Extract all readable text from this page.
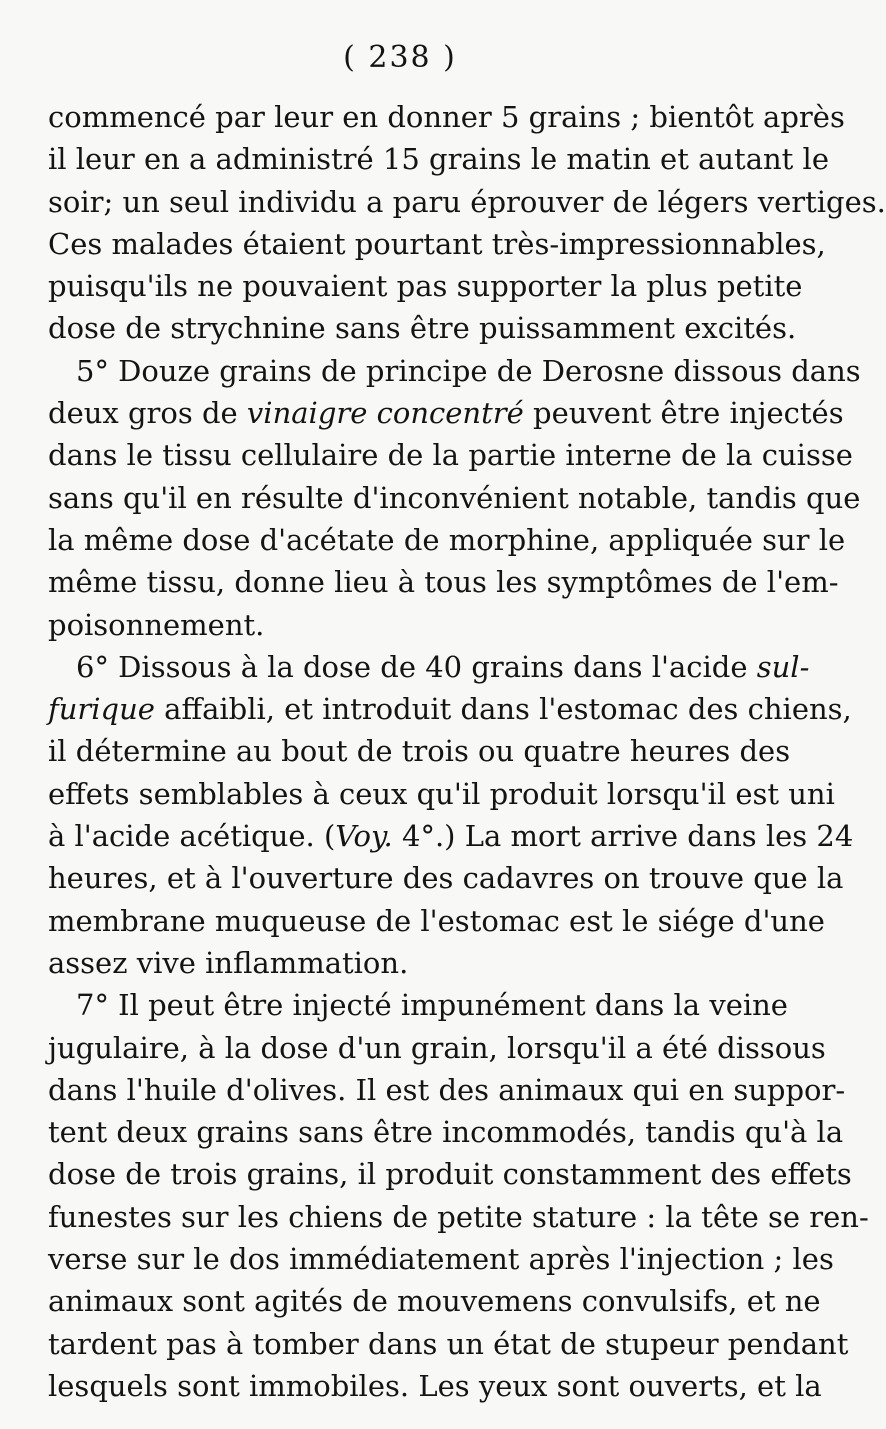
( 238 )
commencé par leur en donner 5 grains ; bientôt après
il leur en a administré 15 grains le matin et autant le
soir; un seul individu a paru éprouver de légers vertiges.
Ces malades étaient pourtant très-impressionnables,
puisqu'ils ne pouvaient pas supporter la plus petite
dose de strychnine sans être puissamment excités.
5° Douze grains de principe de Derosne dissous dans
deux gros de vinaigre concentré peuvent être injectés
dans le tissu cellulaire de la partie interne de la cuisse
sans qu'il en résulte d'inconvénient notable, tandis que
la même dose d'acétate de morphine, appliquée sur le
même tissu, donne lieu à tous les symptômes de l'em-
poisonnement.
6° Dissous à la dose de 40 grains dans l'acide sul-
furique affaibli, et introduit dans l'estomac des chiens,
il détermine au bout de trois ou quatre heures des
effets semblables à ceux qu'il produit lorsqu'il est uni
à l'acide acétique. (Voy. 4°.) La mort arrive dans les 24
heures, et à l'ouverture des cadavres on trouve que la
membrane muqueuse de l'estomac est le siége d'une
assez vive inflammation.
7° Il peut être injecté impunément dans la veine
jugulaire, à la dose d'un grain, lorsqu'il a été dissous
dans l'huile d'olives. Il est des animaux qui en suppor-
tent deux grains sans être incommodés, tandis qu'à la
dose de trois grains, il produit constamment des effets
funestes sur les chiens de petite stature : la tête se ren-
verse sur le dos immédiatement après l'injection ; les
animaux sont agités de mouvemens convulsifs, et ne
tardent pas à tomber dans un état de stupeur pendant
lesquels sont immobiles. Les yeux sont ouverts, et la
